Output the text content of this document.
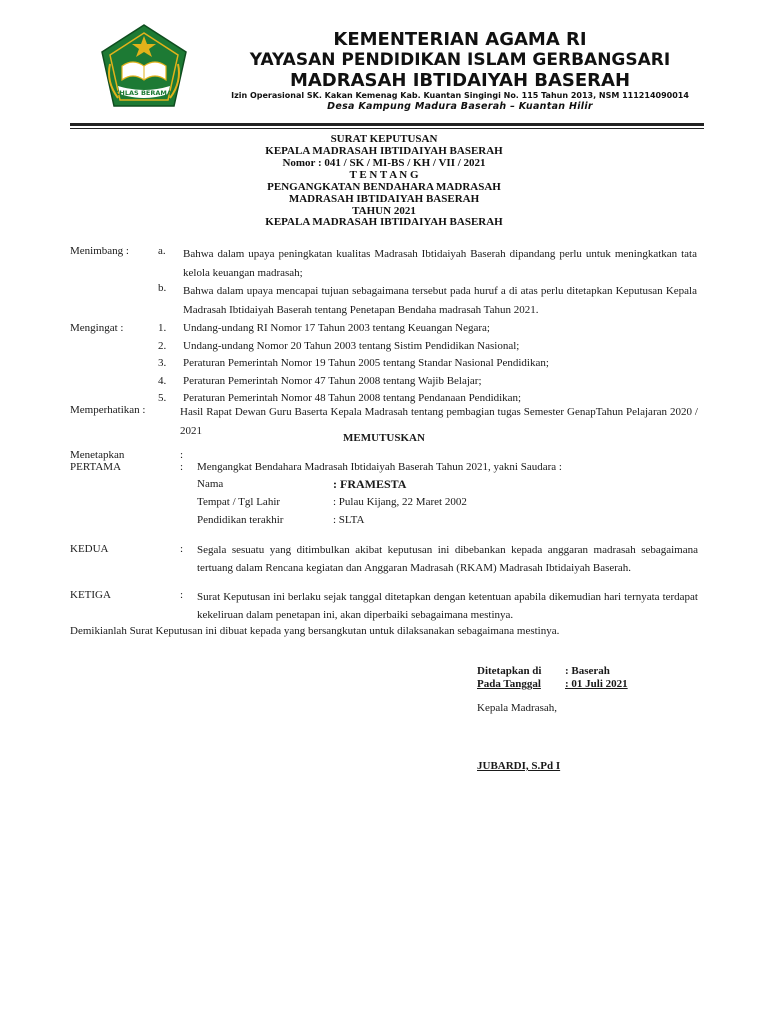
IKHLAS BERAMAL
KEMENTERIAN AGAMA RI
YAYASAN PENDIDIKAN ISLAM GERBANGSARI
MADRASAH IBTIDAIYAH BASERAH
Izin Operasional SK. Kakan Kemenag Kab. Kuantan Singingi No. 115 Tahun 2013, NSM 111214090014
Desa Kampung Madura Baserah – Kuantan Hilir
SURAT KEPUTUSAN
KEPALA MADRASAH IBTIDAIYAH BASERAH
Nomor : 041 / SK / MI-BS / KH / VII / 2021
T E N T A N G
PENGANGKATAN BENDAHARA MADRASAH
MADRASAH IBTIDAIYAH BASERAH
TAHUN 2021
KEPALA MADRASAH IBTIDAIYAH BASERAH
Menimbang :	a. Bahwa dalam upaya peningkatan kualitas Madrasah Ibtidaiyah Baserah dipandang perlu untuk meningkatkan tata kelola keuangan madrasah;
b. Bahwa dalam upaya mencapai tujuan sebagaimana tersebut pada huruf a di atas perlu ditetapkan Keputusan Kepala Madrasah Ibtidaiyah Baserah tentang Penetapan Bendaha madrasah Tahun 2021.
Mengingat :	1. Undang-undang RI Nomor 17 Tahun 2003 tentang Keuangan Negara;
2. Undang-undang Nomor 20 Tahun 2003 tentang Sistim Pendidikan Nasional;
3. Peraturan Pemerintah Nomor 19 Tahun 2005 tentang Standar Nasional Pendidikan;
4. Peraturan Pemerintah Nomor 47 Tahun 2008 tentang Wajib Belajar;
5. Peraturan Pemerintah Nomor 48 Tahun 2008 tentang Pendanaan Pendidikan;
Memperhatikan :	Hasil Rapat Dewan Guru Baserta Kepala Madrasah tentang pembagian tugas Semester GenapTahun Pelajaran 2020 / 2021
MEMUTUSKAN
Menetapkan	:
PERTAMA	: Mengangkat Bendahara Madrasah Ibtidaiyah Baserah Tahun 2021, yakni Saudara :
Nama	: FRAMESTA
Tempat / Tgl Lahir	: Pulau Kijang, 22 Maret 2002
Pendidikan terakhir	: SLTA
KEDUA	: Segala sesuatu yang ditimbulkan akibat keputusan ini dibebankan kepada anggaran madrasah sebagaimana tertuang dalam Rencana kegiatan dan Anggaran Madrasah (RKAM) Madrasah Ibtidaiyah Baserah.
KETIGA	: Surat Keputusan ini berlaku sejak tanggal ditetapkan dengan ketentuan apabila dikemudian hari ternyata terdapat kekeliruan dalam penetapan ini, akan diperbaiki sebagaimana mestinya.
Demikianlah Surat Keputusan ini dibuat kepada yang bersangkutan untuk dilaksanakan sebagaimana mestinya.
Ditetapkan di : Baserah
Pada Tanggal : 01 Juli 2021
Kepala Madrasah,
JUBARDI, S.Pd I
